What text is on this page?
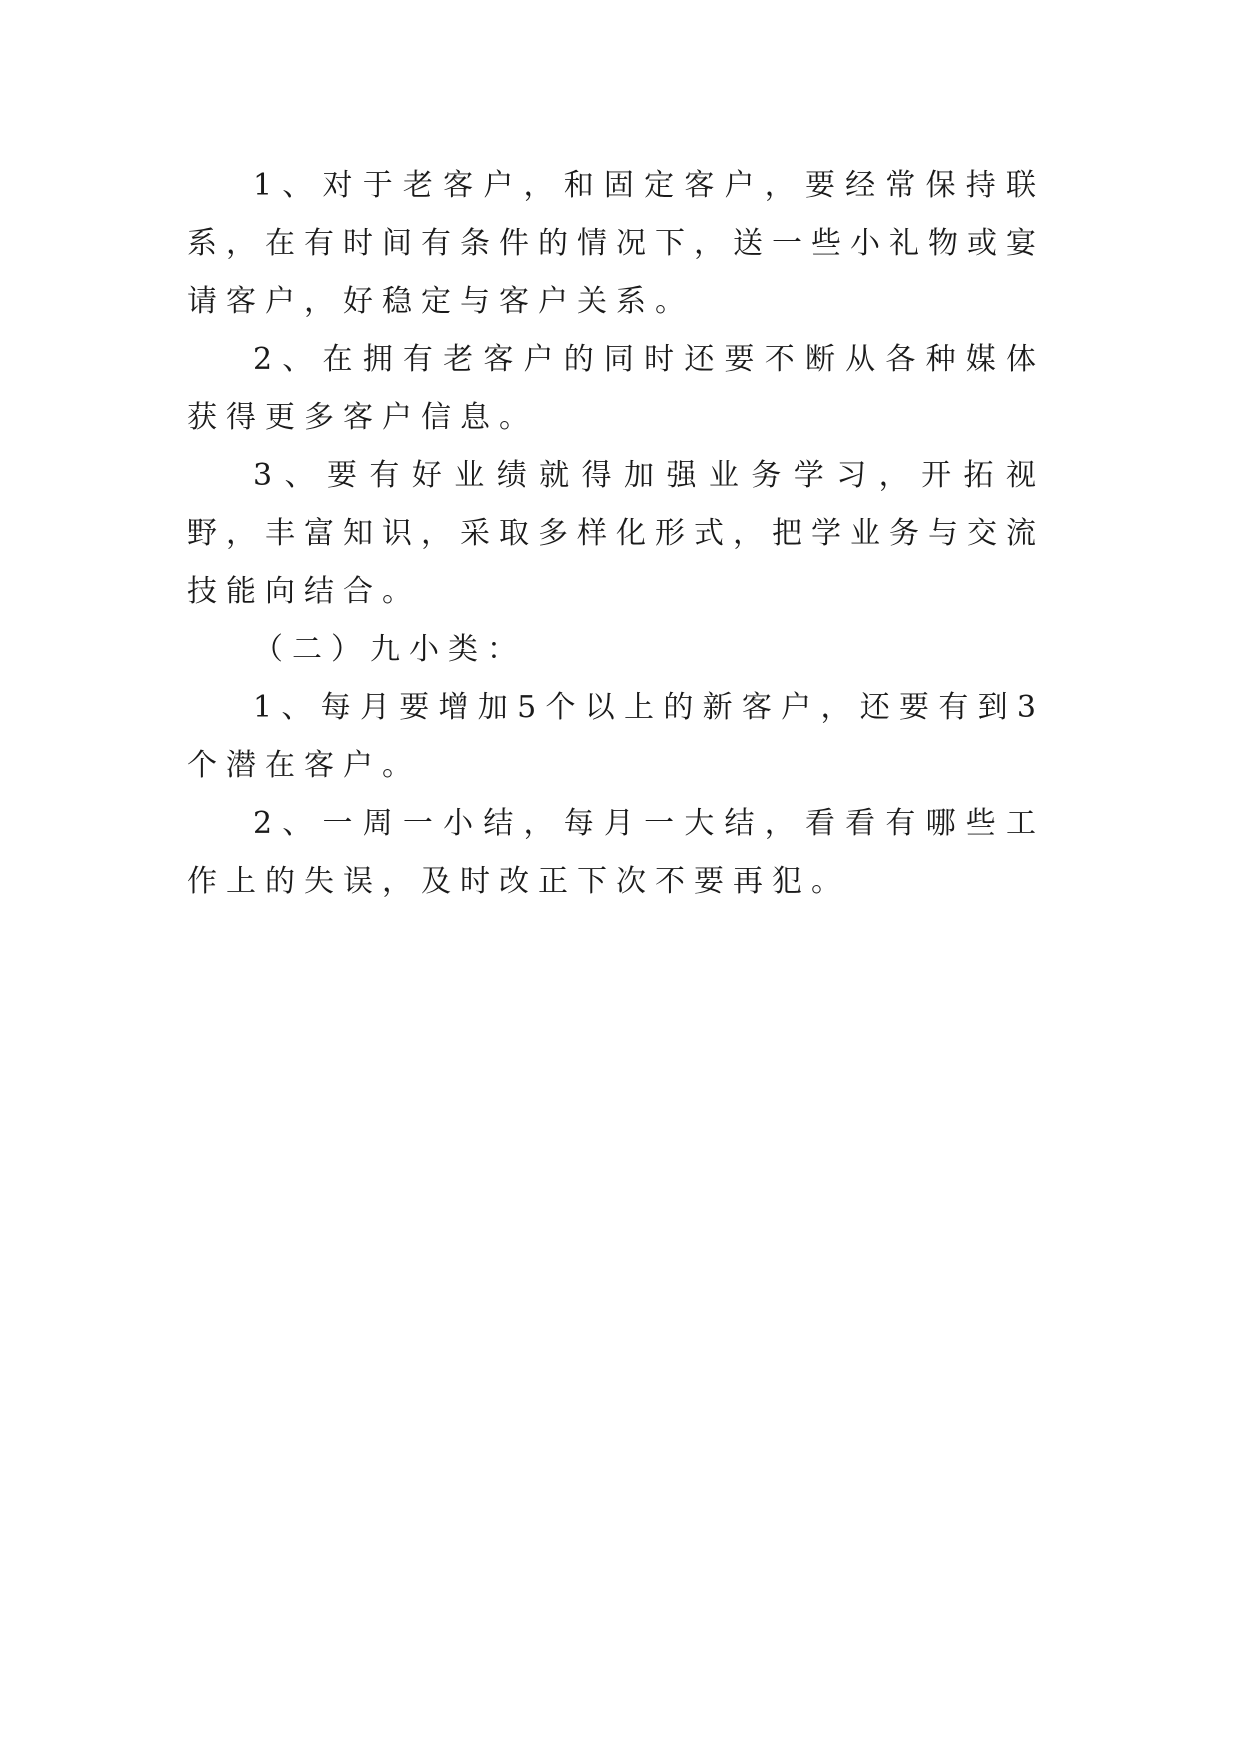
1、对于老客户，和固定客户，要经常保持联系，在有时间有条件的情况下，送一些小礼物或宴请客户，好稳定与客户关系。

2、在拥有老客户的同时还要不断从各种媒体获得更多客户信息。

3、要有好业绩就得加强业务学习，开拓视野，丰富知识，采取多样化形式，把学业务与交流技能向结合。

（二）九小类：

1、每月要增加5个以上的新客户，还要有到3个潜在客户。

2、一周一小结，每月一大结，看看有哪些工作上的失误，及时改正下次不要再犯。
